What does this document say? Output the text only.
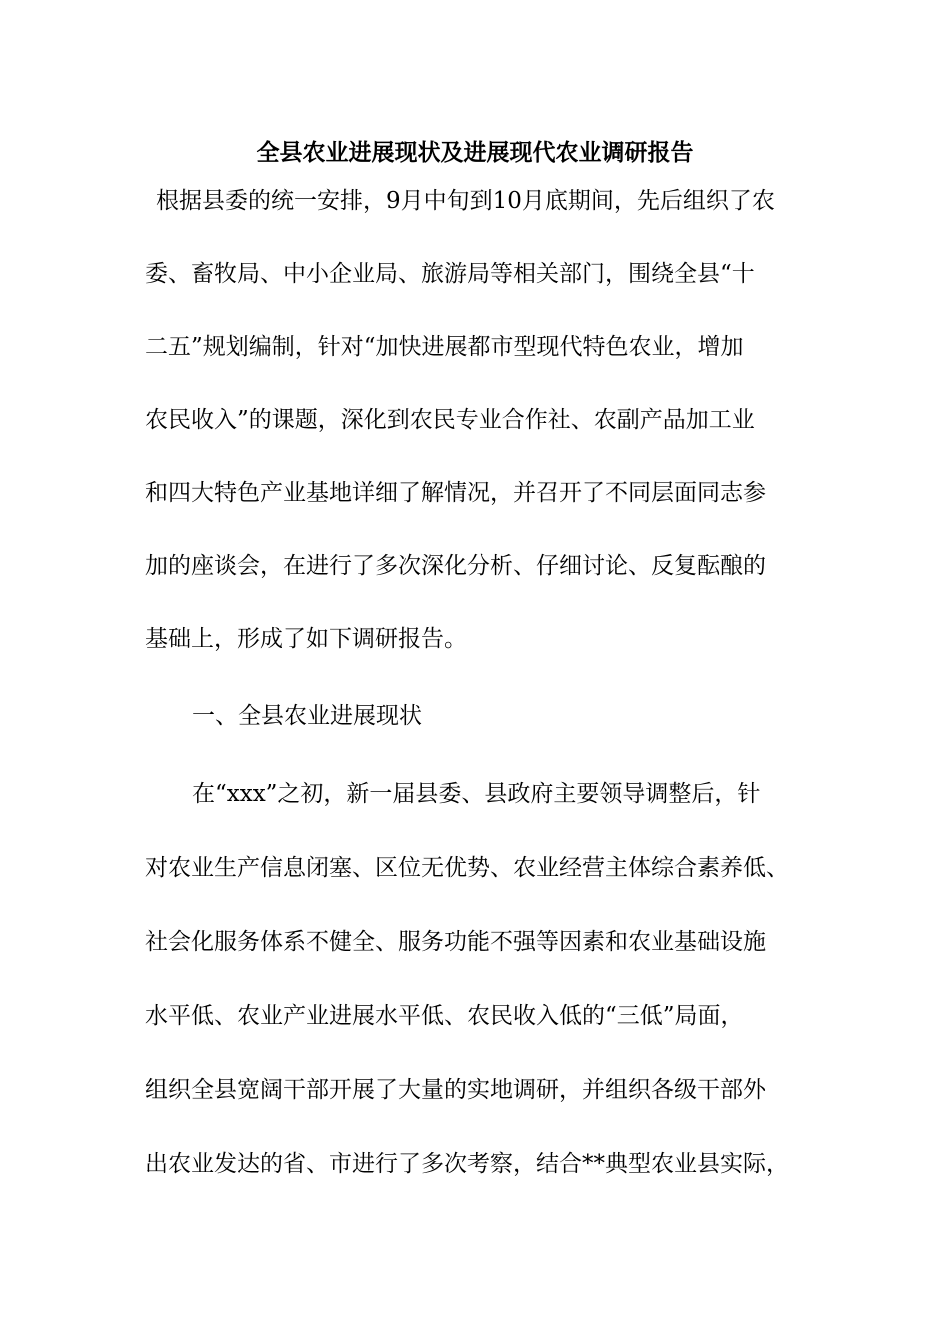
全县农业进展现状及进展现代农业调研报告
根据县委的统一安排，9月中旬到10月底期间，先后组织了农
委、畜牧局、中小企业局、旅游局等相关部门，围绕全县“十
二五”规划编制，针对“加快进展都市型现代特色农业，增加
农民收入”的课题，深化到农民专业合作社、农副产品加工业
和四大特色产业基地详细了解情况，并召开了不同层面同志参
加的座谈会，在进行了多次深化分析、仔细讨论、反复酝酿的
基础上，形成了如下调研报告。
一、全县农业进展现状
在“xxx”之初，新一届县委、县政府主要领导调整后，针
对农业生产信息闭塞、区位无优势、农业经营主体综合素养低、
社会化服务体系不健全、服务功能不强等因素和农业基础设施
水平低、农业产业进展水平低、农民收入低的“三低”局面，
组织全县宽阔干部开展了大量的实地调研，并组织各级干部外
出农业发达的省、市进行了多次考察，结合**典型农业县实际，
